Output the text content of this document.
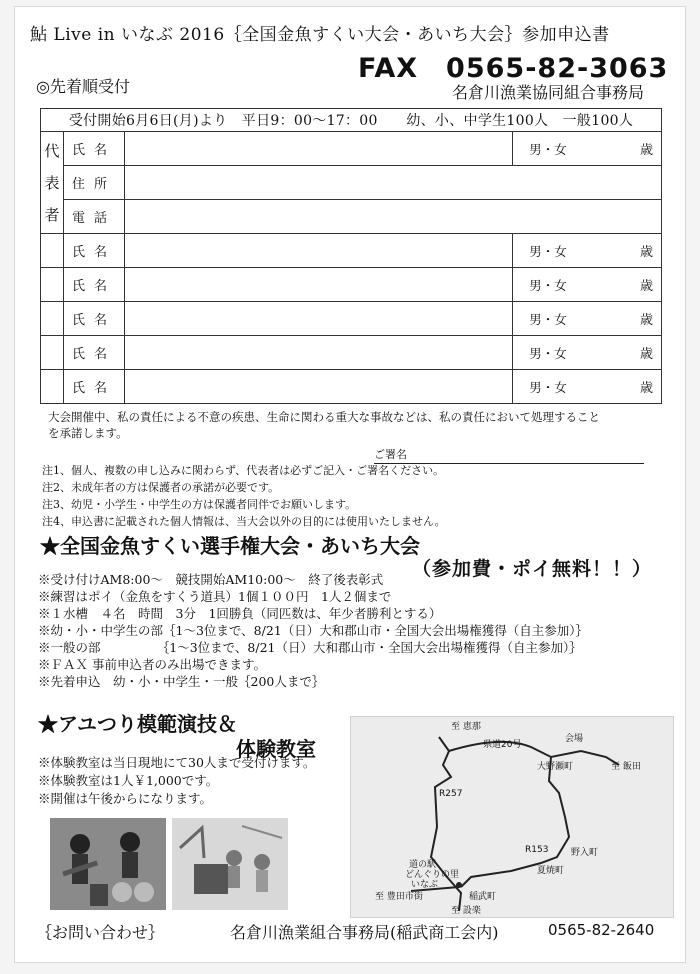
鮎 Live in いなぶ 2016｛全国金魚すくい大会・あいち大会｝参加申込書
FAX　0565-82-3063
◎先着順受付	名倉川漁業協同組合事務局
受付開始6月6日(月)より　平日9：00～17：00　　幼、小、中学生100人　一般100人				

代
表
者	氏名		男・女	歳
	住所			
	電話			
	氏名		男・女	歳
	氏名		男・女	歳
	氏名		男・女	歳
	氏名		男・女	歳
	氏名		男・女	歳
大会開催中、私の責任による不意の疾患、生命に関わる重大な事故などは、私の責任において処理することを承諾します。
ご署名
注1、個人、複数の申し込みに関わらず、代表者は必ずご記入・ご署名ください。
注2、未成年者の方は保護者の承諾が必要です。
注3、幼児・小学生・中学生の方は保護者同伴でお願いします。
注4、申込書に記載された個人情報は、当大会以外の目的には使用いたしません。
★全国金魚すくい選手権大会・あいち大会
（参加費・ポイ無料！！）
※受け付けAM8:00～　競技開始AM10:00～　終了後表彰式
※練習はポイ（金魚をすくう道具）1個１００円　1人２個まで
※１水槽　４名　時間　3分　1回勝負（同匹数は、年少者勝利とする）
※幼・小・中学生の部｛1～3位まで、8/21（日）大和郡山市・全国大会出場権獲得（自主参加）｝
※一般の部　　　　　｛1～3位まで、8/21（日）大和郡山市・全国大会出場権獲得（自主参加）｝
※ＦＡＸ 事前申込者のみ出場できます。
※先着申込　幼・小・中学生・一般｛200人まで｝
★アユつり模範演技＆
体験教室
※体験教室は当日現地にて30人まで受付けます。
※体験教室は1人￥1,000です。
※開催は午後からになります。
至 恵那
会場
県道20号
大野瀬町	至 飯田
R257
R153	野入町
夏焼町
道の駅
どんぐりの里
いなぶ
至 豊田市街	稲武町
至 設楽
｛お問い合わせ｝	名倉川漁業組合事務局(稲武商工会内)	0565-82-2640
